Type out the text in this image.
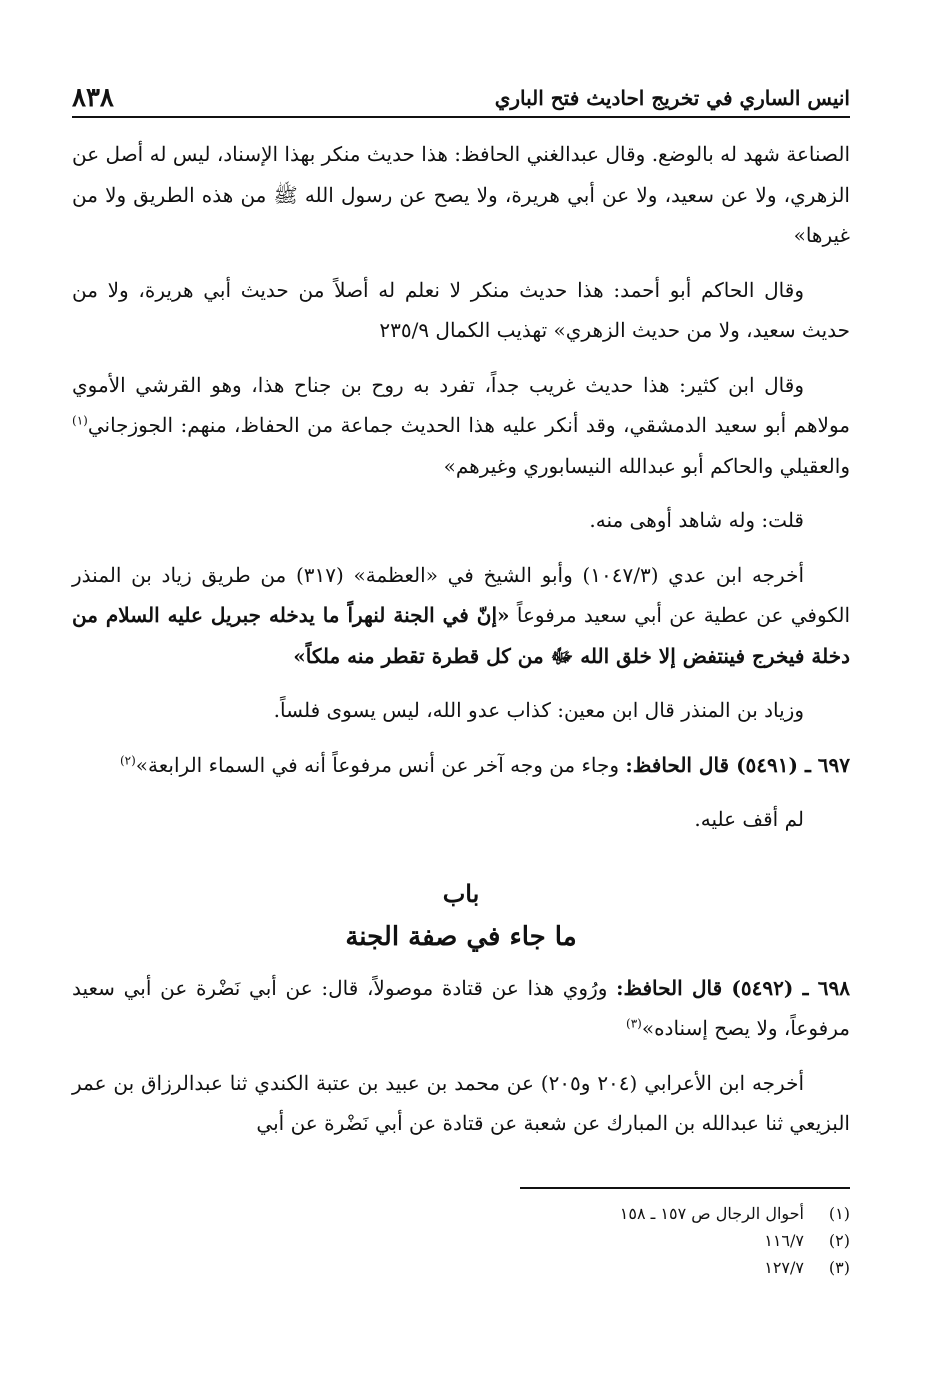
انيس الساري في تخريج احاديث فتح الباري
٨٣٨

الصناعة شهد له بالوضع. وقال عبدالغني الحافظ: هذا حديث منكر بهذا الإسناد، ليس له أصل عن الزهري، ولا عن سعيد، ولا عن أبي هريرة، ولا يصح عن رسول الله ﷺ من هذه الطريق ولا من غيرها»

وقال الحاكم أبو أحمد: هذا حديث منكر لا نعلم له أصلاً من حديث أبي هريرة، ولا من حديث سعيد، ولا من حديث الزهري» تهذيب الكمال ٢٣٥/٩

وقال ابن كثير: هذا حديث غريب جداً، تفرد به روح بن جناح هذا، وهو القرشي الأموي مولاهم أبو سعيد الدمشقي، وقد أنكر عليه هذا الحديث جماعة من الحفاظ، منهم: الجوزجاني$^{(١)}$ والعقيلي والحاكم أبو عبدالله النيسابوري وغيرهم»

قلت: وله شاهد أوهى منه.

أخرجه ابن عدي (١٠٤٧/٣) وأبو الشيخ في «العظمة» (٣١٧) من طريق زياد بن المنذر الكوفي عن عطية عن أبي سعيد مرفوعاً «إنّ في الجنة لنهراً ما يدخله جبريل عليه السلام من دخلة فيخرج فينتفض إلا خلق الله ﷻ من كل قطرة تقطر منه ملكاً»

وزياد بن المنذر قال ابن معين: كذاب عدو الله، ليس يسوى فلساً.

٦٩٧ ـ (٥٤٩١) قال الحافظ: وجاء من وجه آخر عن أنس مرفوعاً أنه في السماء الرابعة»$^{(٢)}$

لم أقف عليه.

باب
ما جاء في صفة الجنة

٦٩٨ ـ (٥٤٩٢) قال الحافظ: ورُوي هذا عن قتادة موصولاً، قال: عن أبي نَضْرة عن أبي سعيد مرفوعاً، ولا يصح إسناده»$^{(٣)}$

أخرجه ابن الأعرابي (٢٠٤ و٢٠٥) عن محمد بن عبيد بن عتبة الكندي ثنا عبدالرزاق بن عمر البزيعي ثنا عبدالله بن المبارك عن شعبة عن قتادة عن أبي نَضْرة عن أبي

(١)أحوال الرجال ص ١٥٧ ـ ١٥٨
(٢)١١٦/٧
(٣)١٢٧/٧
